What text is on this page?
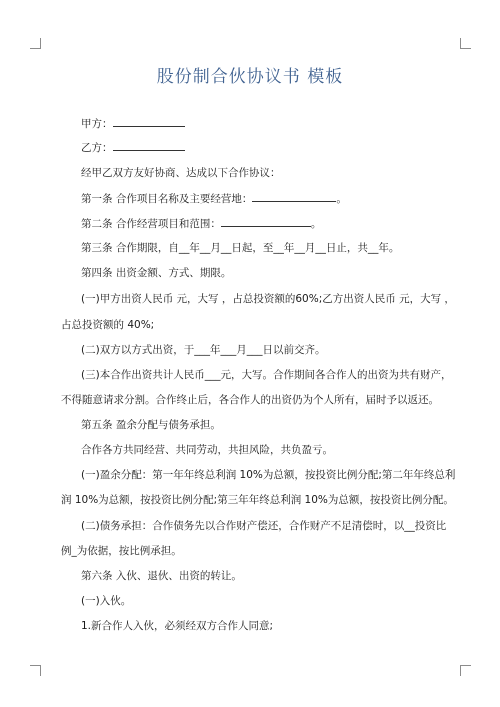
股份制合伙协议书 模板
甲方：
乙方：
经甲乙双方友好协商、达成以下合作协议：
第一条 合作项目名称及主要经营地：	。
第二条 合作经营项目和范围：	。
第三条 合作期限，自__年__月__日起，至__年__月__日止，共__年。
第四条 出资金额、方式、期限。
(一)甲方出资人民币 元，大写 ，占总投资额的60%;乙方出资人民币 元，大写 ，
占总投资额的 40%;
(二)双方以方式出资，于___年___月___日以前交齐。
(三)本合作出资共计人民币___元，大写。合作期间各合作人的出资为共有财产，
不得随意请求分割。合作终止后，各合作人的出资仍为个人所有，届时予以返还。
第五条 盈余分配与债务承担。
合作各方共同经营、共同劳动，共担风险，共负盈亏。
(一)盈余分配：第一年年终总利润 10%为总额，按投资比例分配;第二年年终总利
润 10%为总额，按投资比例分配;第三年年终总利润 10%为总额，按投资比例分配。
(二)债务承担：合作债务先以合作财产偿还，合作财产不足清偿时，以__投资比
例_为依据，按比例承担。
第六条 入伙、退伙、出资的转让。
(一)入伙。
1.新合作人入伙，必须经双方合作人同意;
